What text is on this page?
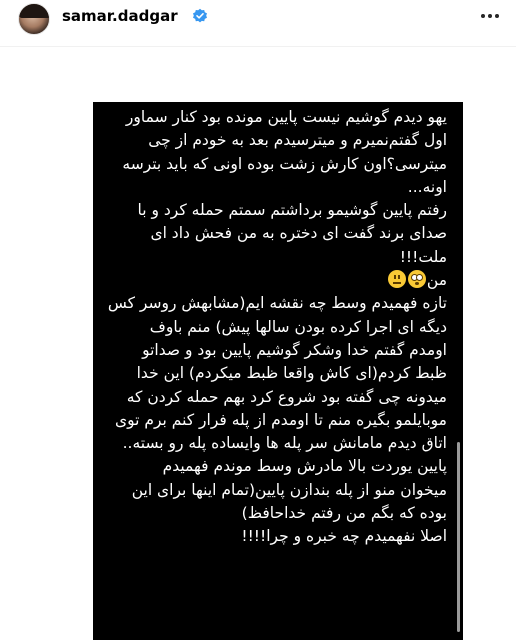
samar.dadgar
یهو دیدم گوشیم نیست پایین مونده بود کنار سماور
اول گفتم‌نمیرم و میترسیدم بعد به خودم از چی
میترسی؟اون کارش زشت بوده اونی که باید بترسه
اونه...
رفتم پایین گوشیمو برداشتم سمتم حمله کرد و با
صدای برند گفت ای دختره به من فحش داد ای
ملت!!!
من
تازه فهمیدم وسط چه نقشه ایم(مشابهش روسر کس
دیگه ای اجرا کرده بودن سالها پیش) منم باوف
اومدم گفتم خدا وشکر گوشیم پایین بود و صداتو
ظبط کردم(ای کاش واقعا ظبط میکردم) این خدا
میدونه چی گفته بود شروع کرد بهم حمله کردن که
موبایلمو بگیره منم تا اومدم از پله فرار کنم برم توی
اتاق دیدم مامانش سر پله ها وایساده پله رو بسته..
پایین یوردت بالا مادرش وسط موندم فهمیدم
میخوان منو از پله بندازن پایین(تمام اینها برای این
بوده که بگم من رفتم خداحافظ)
اصلا نفهمیدم چه خبره و چرا!!!!
